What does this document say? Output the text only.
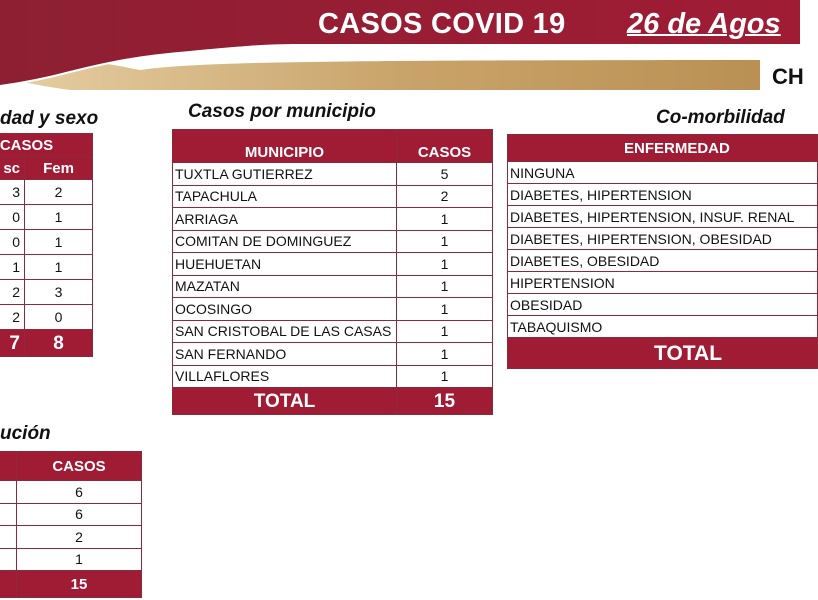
CASOS COVID 19 26 de Agos
CH
dad y sexo
CASOS	
sc	Fem
3	2
0	1
0	1
1	1
2	3
2	0
7	8
Casos por municipio
MUNICIPIO	CASOS
TUXTLA GUTIERREZ	5
TAPACHULA	2
ARRIAGA	1
COMITAN DE DOMINGUEZ	1
HUEHUETAN	1
MAZATAN	1
OCOSINGO	1
SAN CRISTOBAL DE LAS CASAS	1
SAN FERNANDO	1
VILLAFLORES	1
TOTAL	15
Co-morbilidad
ENFERMEDAD
NINGUNA
DIABETES, HIPERTENSION
DIABETES, HIPERTENSION, INSUF. RENAL
DIABETES, HIPERTENSION, OBESIDAD
DIABETES, OBESIDAD
HIPERTENSION
OBESIDAD
TABAQUISMO
TOTAL
ución
	CASOS
	6
	6
	2
	1
	15
